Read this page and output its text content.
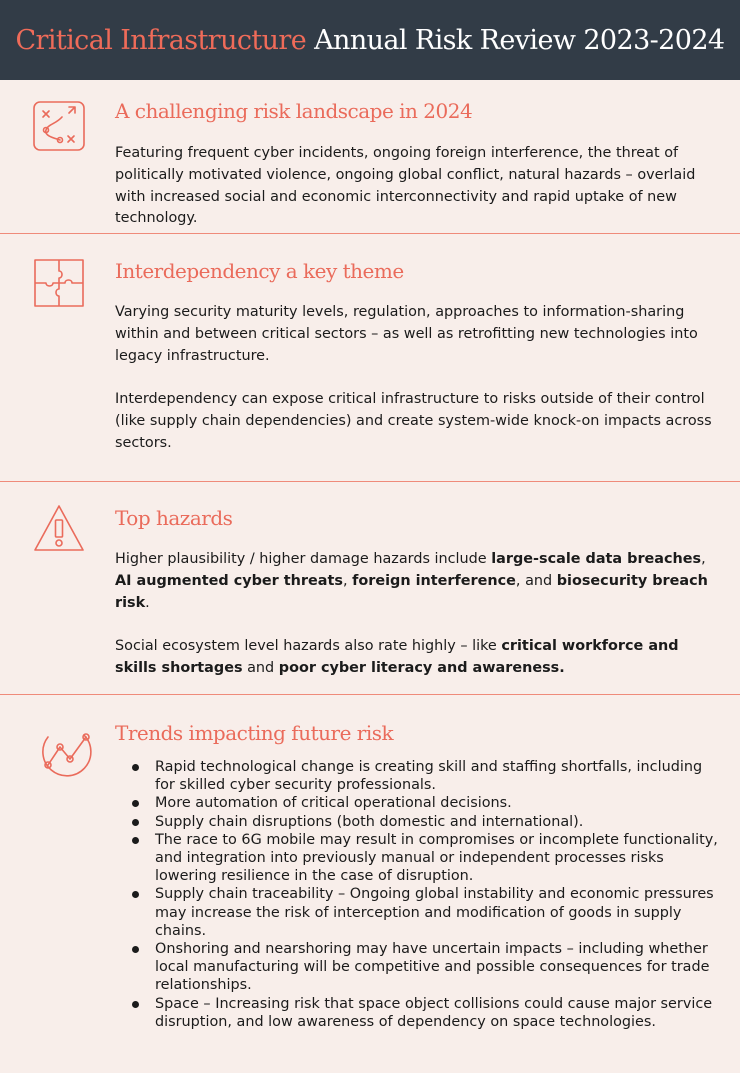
Critical Infrastructure Annual Risk Review 2023-2024
A challenging risk landscape in 2024

Featuring frequent cyber incidents, ongoing foreign interference, the threat of politically motivated violence, ongoing global conflict, natural hazards – overlaid with increased social and economic interconnectivity and rapid uptake of new technology.

Interdependency a key theme

Varying security maturity levels, regulation, approaches to information-sharing within and between critical sectors – as well as retrofitting new technologies into legacy infrastructure.

Interdependency can expose critical infrastructure to risks outside of their control (like supply chain dependencies) and create system-wide knock-on impacts across sectors.

Top hazards

Higher plausibility / higher damage hazards include large-scale data breaches, AI augmented cyber threats, foreign interference, and biosecurity breach risk.

Social ecosystem level hazards also rate highly – like critical workforce and skills shortages and poor cyber literacy and awareness.

Trends impacting future risk
Rapid technological change is creating skill and staffing shortfalls, including for skilled cyber security professionals.
More automation of critical operational decisions.
Supply chain disruptions (both domestic and international).
The race to 6G mobile may result in compromises or incomplete functionality, and integration into previously manual or independent processes risks lowering resilience in the case of disruption.
Supply chain traceability – Ongoing global instability and economic pressures may increase the risk of interception and modification of goods in supply chains.
Onshoring and nearshoring may have uncertain impacts – including whether local manufacturing will be competitive and possible consequences for trade relationships.
Space – Increasing risk that space object collisions could cause major service disruption, and low awareness of dependency on space technologies.
